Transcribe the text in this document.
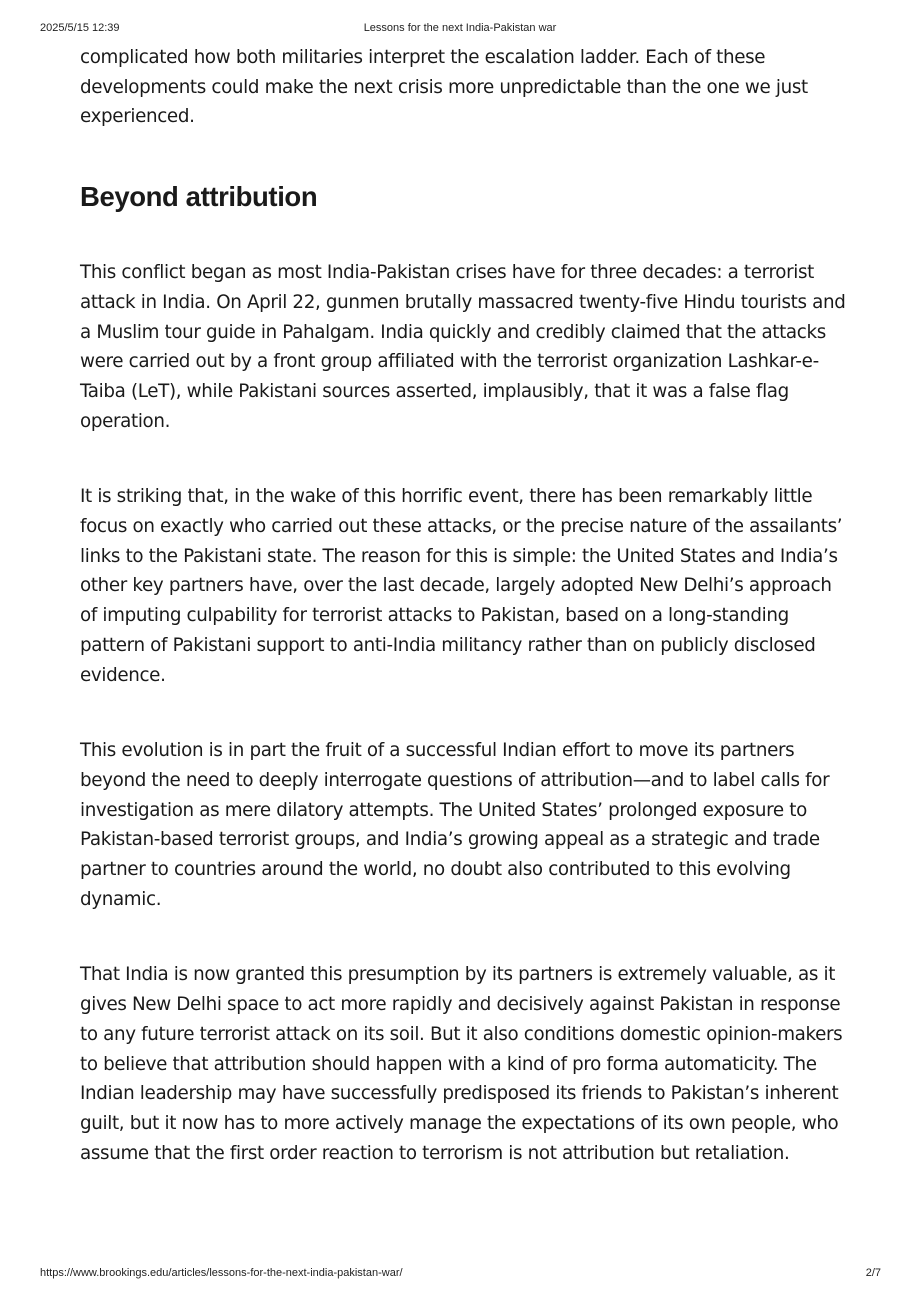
2025/5/15 12:39	Lessons for the next India-Pakistan war

complicated how both militaries interpret the escalation ladder. Each of these developments could make the next crisis more unpredictable than the one we just experienced.

Beyond attribution

This conflict began as most India-Pakistan crises have for three decades: a terrorist attack in India. On April 22, gunmen brutally massacred twenty-five Hindu tourists and a Muslim tour guide in Pahalgam. India quickly and credibly claimed that the attacks were carried out by a front group affiliated with the terrorist organization Lashkar-e-Taiba (LeT), while Pakistani sources asserted, implausibly, that it was a false flag operation.

It is striking that, in the wake of this horrific event, there has been remarkably little focus on exactly who carried out these attacks, or the precise nature of the assailants’ links to the Pakistani state. The reason for this is simple: the United States and India’s other key partners have, over the last decade, largely adopted New Delhi’s approach of imputing culpability for terrorist attacks to Pakistan, based on a long-standing pattern of Pakistani support to anti-India militancy rather than on publicly disclosed evidence.

This evolution is in part the fruit of a successful Indian effort to move its partners beyond the need to deeply interrogate questions of attribution—and to label calls for investigation as mere dilatory attempts. The United States’ prolonged exposure to Pakistan-based terrorist groups, and India’s growing appeal as a strategic and trade partner to countries around the world, no doubt also contributed to this evolving dynamic.

That India is now granted this presumption by its partners is extremely valuable, as it gives New Delhi space to act more rapidly and decisively against Pakistan in response to any future terrorist attack on its soil. But it also conditions domestic opinion-makers to believe that attribution should happen with a kind of pro forma automaticity. The Indian leadership may have successfully predisposed its friends to Pakistan’s inherent guilt, but it now has to more actively manage the expectations of its own people, who assume that the first order reaction to terrorism is not attribution but retaliation.

https://www.brookings.edu/articles/lessons-for-the-next-india-pakistan-war/	2/7
